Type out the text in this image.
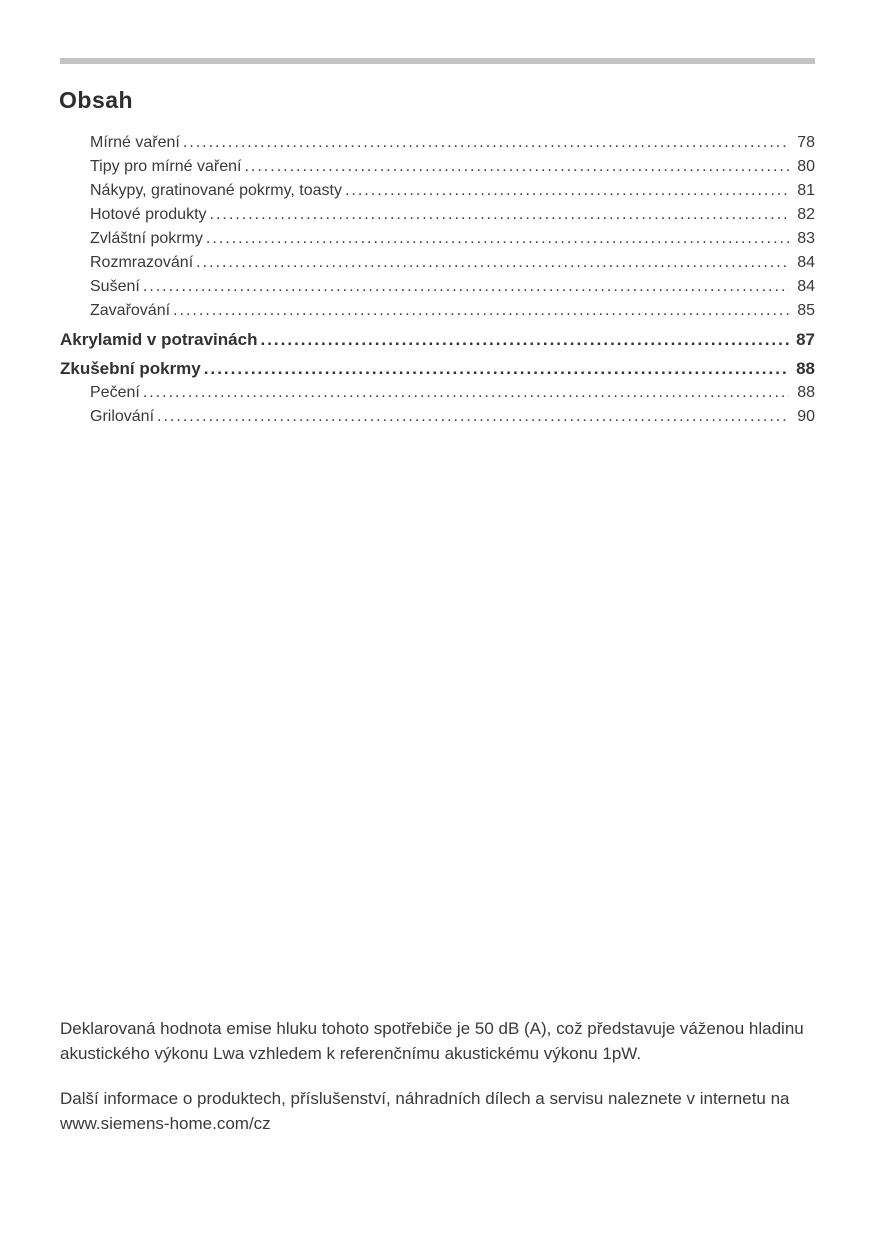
Obsah
Mírné vaření .....	78
Tipy pro mírné vaření .....	80
Nákypy, gratinované pokrmy, toasty .....	81
Hotové produkty .....	82
Zvláštní pokrmy .....	83
Rozmrazování .....	84
Sušení .....	84
Zavařování .....	85
Akrylamid v potravinách .....	87
Zkušební pokrmy .....	88
Pečení .....	88
Grilování .....	90

Deklarovaná hodnota emise hluku tohoto spotřebiče je 50 dB (A), což představuje váženou hladinu akustického výkonu Lwa vzhledem k referenčnímu akustickému výkonu 1pW.

Další informace o produktech, příslušenství, náhradních dílech a servisu naleznete v internetu na www.siemens-home.com/cz
